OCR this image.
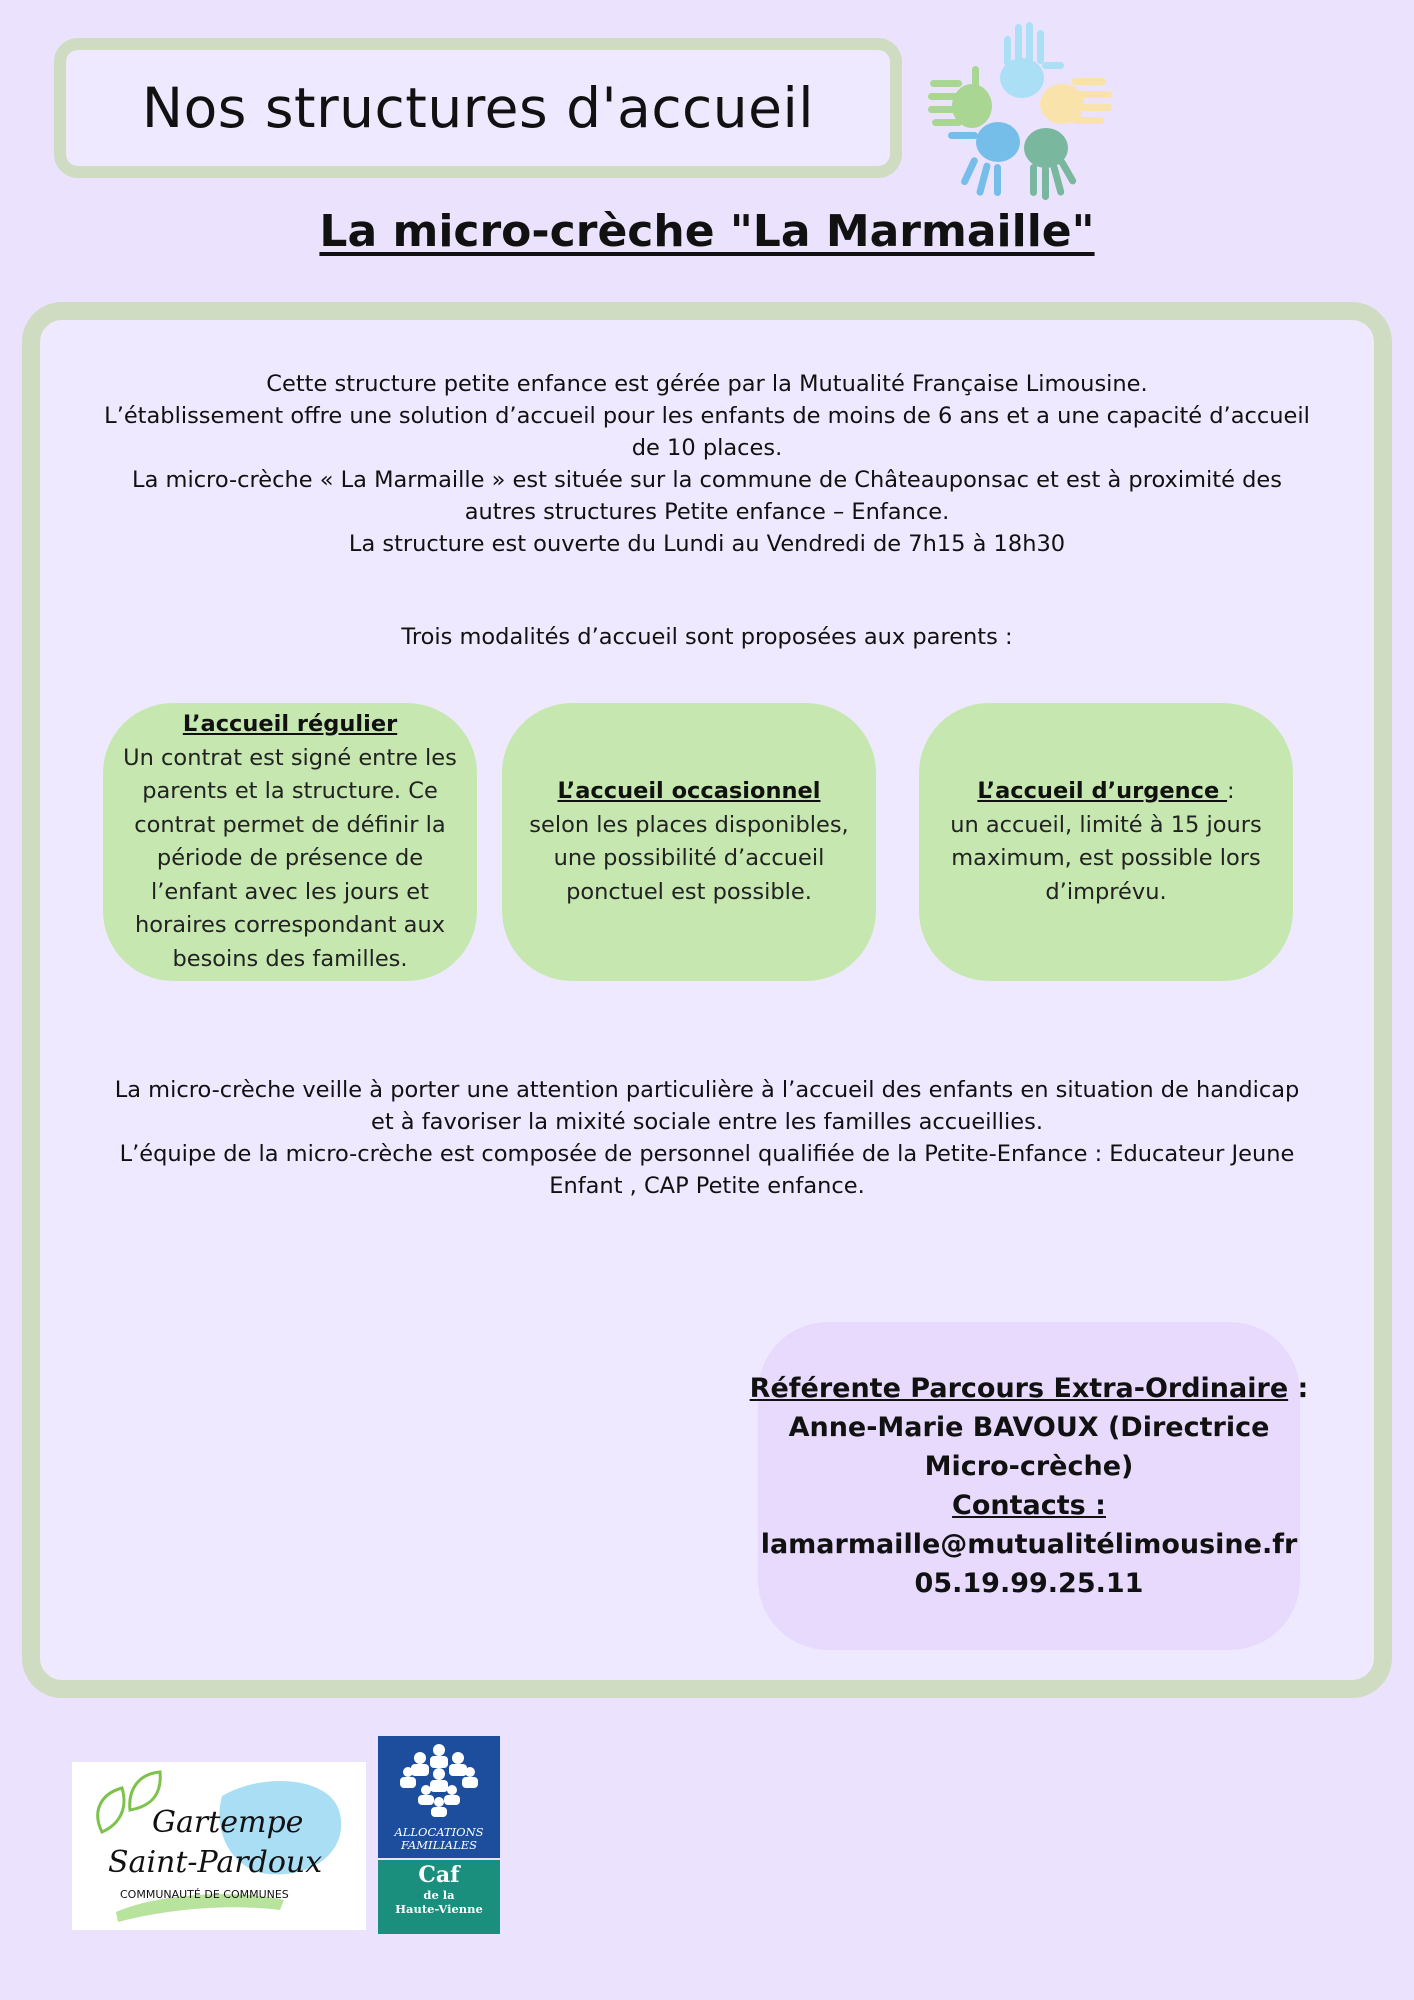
Nos structures d'accueil
La micro-crèche "La Marmaille"

Cette structure petite enfance est gérée par la Mutualité Française Limousine.

L’établissement offre une solution d’accueil pour les enfants de moins de 6 ans et a une capacité d’accueil de 10 places.

La micro-crèche « La Marmaille » est située sur la commune de Châteauponsac et est à proximité des autres structures Petite enfance – Enfance.

La structure est ouverte du Lundi au Vendredi de 7h15 à 18h30

Trois modalités d’accueil sont proposées aux parents :

L’accueil régulier

Un contrat est signé entre les parents et la structure. Ce contrat permet de définir la période de présence de l’enfant avec les jours et horaires correspondant aux besoins des familles.

L’accueil occasionnel

selon les places disponibles, une possibilité d’accueil ponctuel est possible.

L’accueil d’urgence :

un accueil, limité à 15 jours maximum, est possible lors d’imprévu.

La micro-crèche veille à porter une attention particulière à l’accueil des enfants en situation de handicap et à favoriser la mixité sociale entre les familles accueillies.

L’équipe de la micro-crèche est composée de personnel qualifiée de la Petite-Enfance : Educateur Jeune Enfant , CAP Petite enfance.

Référente Parcours Extra-Ordinaire :

Anne-Marie BAVOUX (Directrice

Micro-crèche)

Contacts :

lamarmaille@mutualitélimousine.fr

05.19.99.25.11

Gartempe
Saint-Pardoux
COMMUNAUTÉ DE COMMUNES
ALLOCATIONS
FAMILIALES
Caf
de la
Haute-Vienne
